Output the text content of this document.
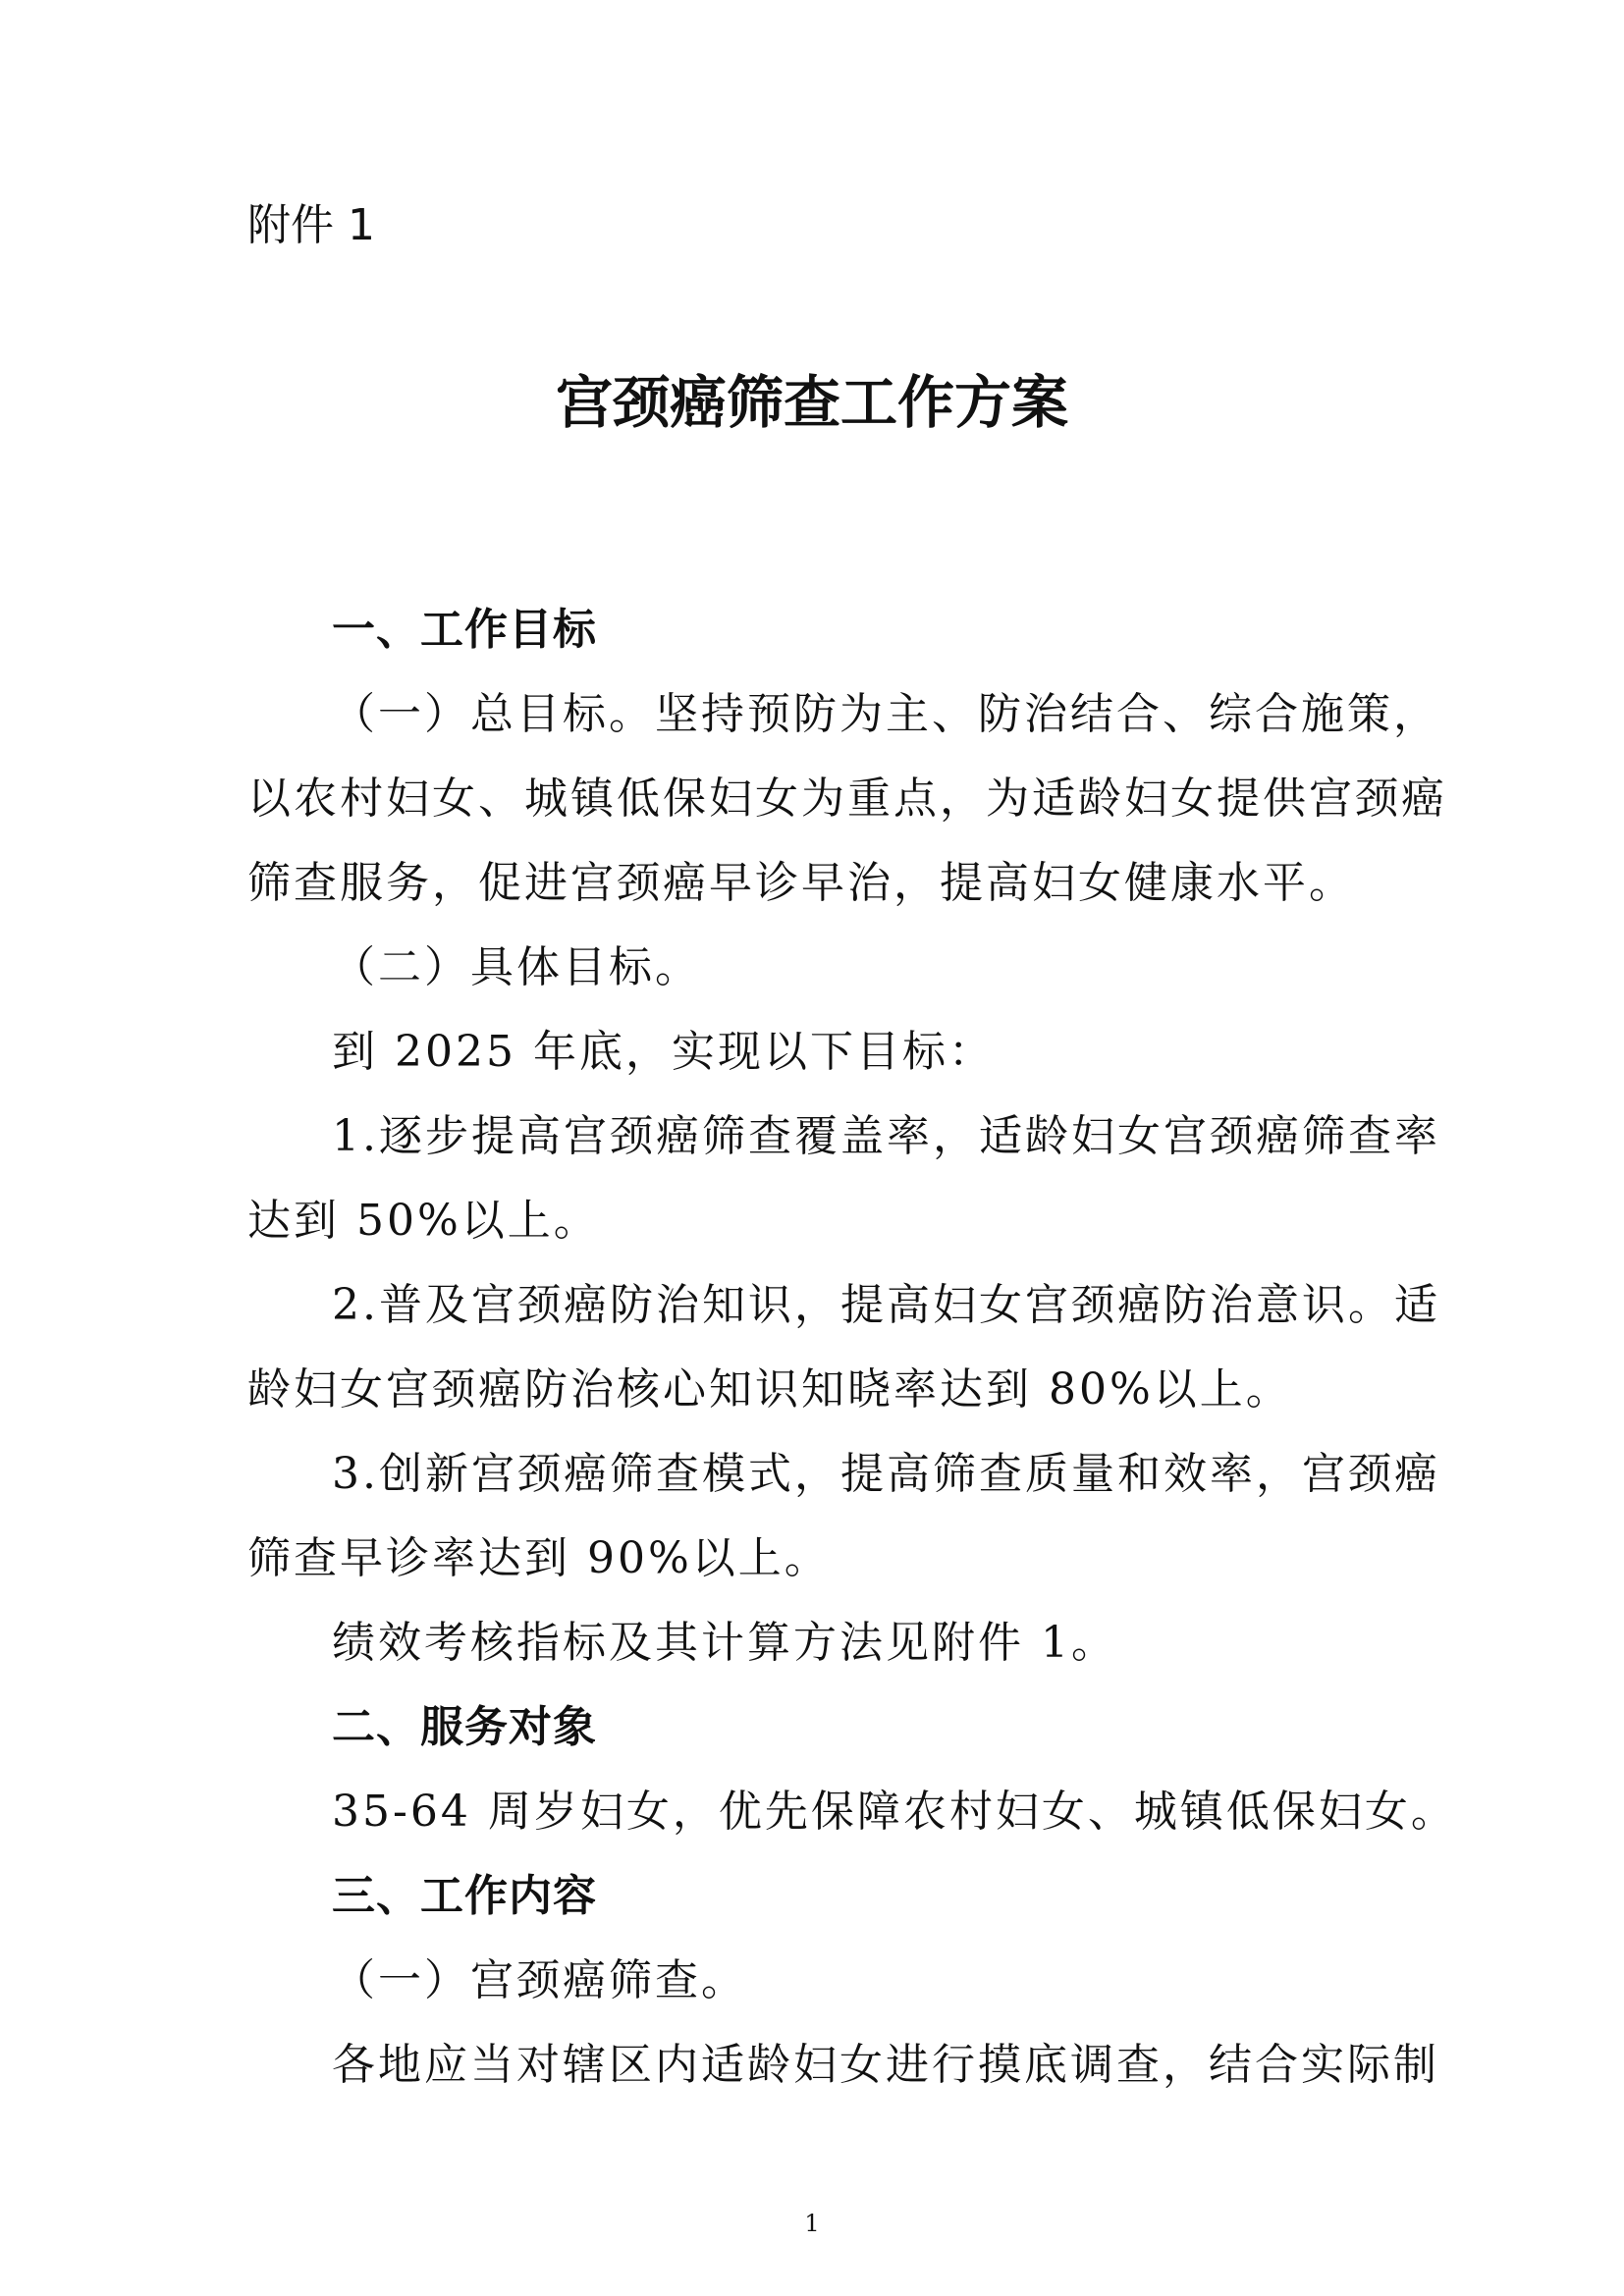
附件 1
宫颈癌筛查工作方案
一、工作目标
（一）总目标。坚持预防为主、防治结合、综合施策，
以农村妇女、城镇低保妇女为重点，为适龄妇女提供宫颈癌
筛查服务，促进宫颈癌早诊早治，提高妇女健康水平。
（二）具体目标。
到 2025 年底，实现以下目标：
1.逐步提高宫颈癌筛查覆盖率，适龄妇女宫颈癌筛查率
达到 50%以上。
2.普及宫颈癌防治知识，提高妇女宫颈癌防治意识。适
龄妇女宫颈癌防治核心知识知晓率达到 80%以上。
3.创新宫颈癌筛查模式，提高筛查质量和效率，宫颈癌
筛查早诊率达到 90%以上。
绩效考核指标及其计算方法见附件 1。
二、服务对象
35-64 周岁妇女，优先保障农村妇女、城镇低保妇女。
三、工作内容
（一）宫颈癌筛查。
各地应当对辖区内适龄妇女进行摸底调查，结合实际制
1
